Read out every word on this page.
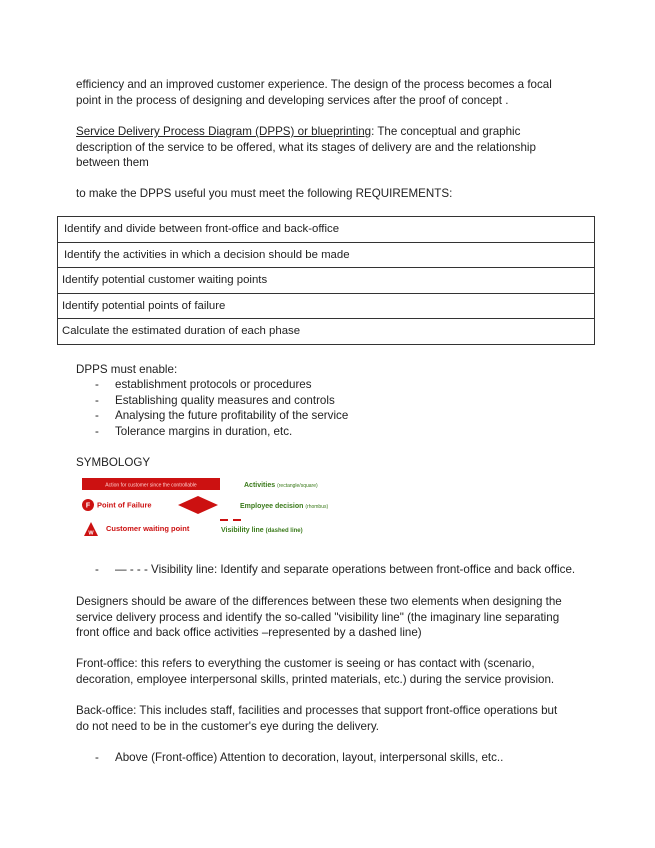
efficiency and an improved customer experience. The design of the process becomes a focal
point in the process of designing and developing services after the proof of concept .

Service Delivery Process Diagram (DPPS) or blueprinting: The conceptual and graphic
description of the service to be offered, what its stages of delivery are and the relationship
between them

to make the DPPS useful you must meet the following REQUIREMENTS:

Identify and divide between front-office and back-office
Identify the activities in which a decision should be made
Identify potential customer waiting points
Identify potential points of failure
Calculate the estimated duration of each phase

DPPS must enable:

- establishment protocols or procedures
- Establishing quality measures and controls
- Analysing the future profitability of the service
- Tolerance margins in duration, etc.

SYMBOLOGY

Action for customer since the controllable	Activities (rectangle/square)
F Point of Failure	Employee decision (rhombus)
W
Customer waiting point	Visibility line (dashed line)
- — - - - Visibility line: Identify and separate operations between front-office and back office.

Designers should be aware of the differences between these two elements when designing the
service delivery process and identify the so-called "visibility line" (the imaginary line separating
front office and back office activities –represented by a dashed line)

Front-office: this refers to everything the customer is seeing or has contact with (scenario,
decoration, employee interpersonal skills, printed materials, etc.) during the service provision.

Back-office: This includes staff, facilities and processes that support front-office operations but
do not need to be in the customer's eye during the delivery.

- Above (Front-office) Attention to decoration, layout, interpersonal skills, etc..
